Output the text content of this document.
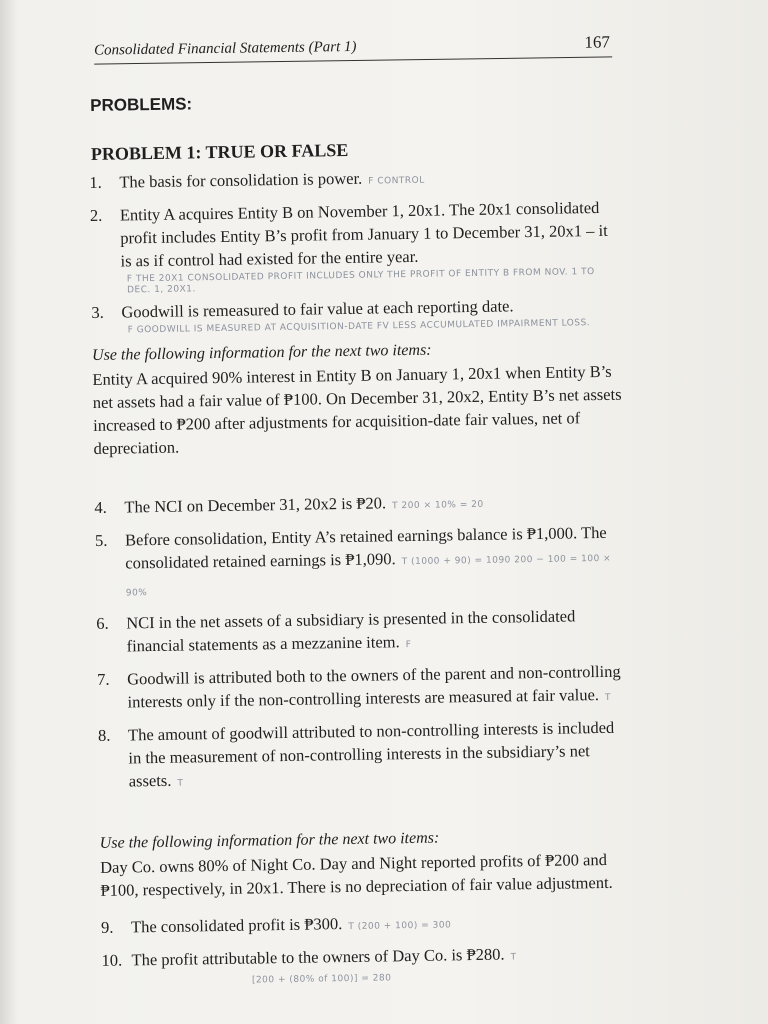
Consolidated Financial Statements (Part 1)	167
PROBLEMS:
PROBLEM 1: TRUE OR FALSE
1.	The basis for consolidation is power. F CONTROL
2.	Entity A acquires Entity B on November 1, 20x1. The 20x1 consolidated profit includes Entity B’s profit from January 1 to December 31, 20x1 – it is as if control had existed for the entire year.
F THE 20X1 CONSOLIDATED PROFIT INCLUDES ONLY THE PROFIT OF ENTITY B FROM NOV. 1 TO DEC. 1, 20X1.
3.	Goodwill is remeasured to fair value at each reporting date.
F GOODWILL IS MEASURED AT ACQUISITION-DATE FV LESS ACCUMULATED IMPAIRMENT LOSS.
Use the following information for the next two items:
Entity A acquired 90% interest in Entity B on January 1, 20x1 when Entity B’s net assets had a fair value of ₱100. On December 31, 20x2, Entity B’s net assets increased to ₱200 after adjustments for acquisition-date fair values, net of depreciation.
4.	The NCI on December 31, 20x2 is ₱20. T 200 × 10% = 20
5.	Before consolidation, Entity A’s retained earnings balance is ₱1,000. The consolidated retained earnings is ₱1,090. T (1000 + 90) = 1090 200 − 100 = 100 × 90%
6.	NCI in the net assets of a subsidiary is presented in the consolidated financial statements as a mezzanine item. F
7.	Goodwill is attributed both to the owners of the parent and non-controlling interests only if the non-controlling interests are measured at fair value. T
8.	The amount of goodwill attributed to non-controlling interests is included in the measurement of non-controlling interests in the subsidiary’s net assets. T
Use the following information for the next two items:
Day Co. owns 80% of Night Co. Day and Night reported profits of ₱200 and ₱100, respectively, in 20x1. There is no depreciation of fair value adjustment.
9.	The consolidated profit is ₱300. T (200 + 100) = 300
10. The profit attributable to the owners of Day Co. is ₱280. T
[200 + (80% of 100)] = 280
